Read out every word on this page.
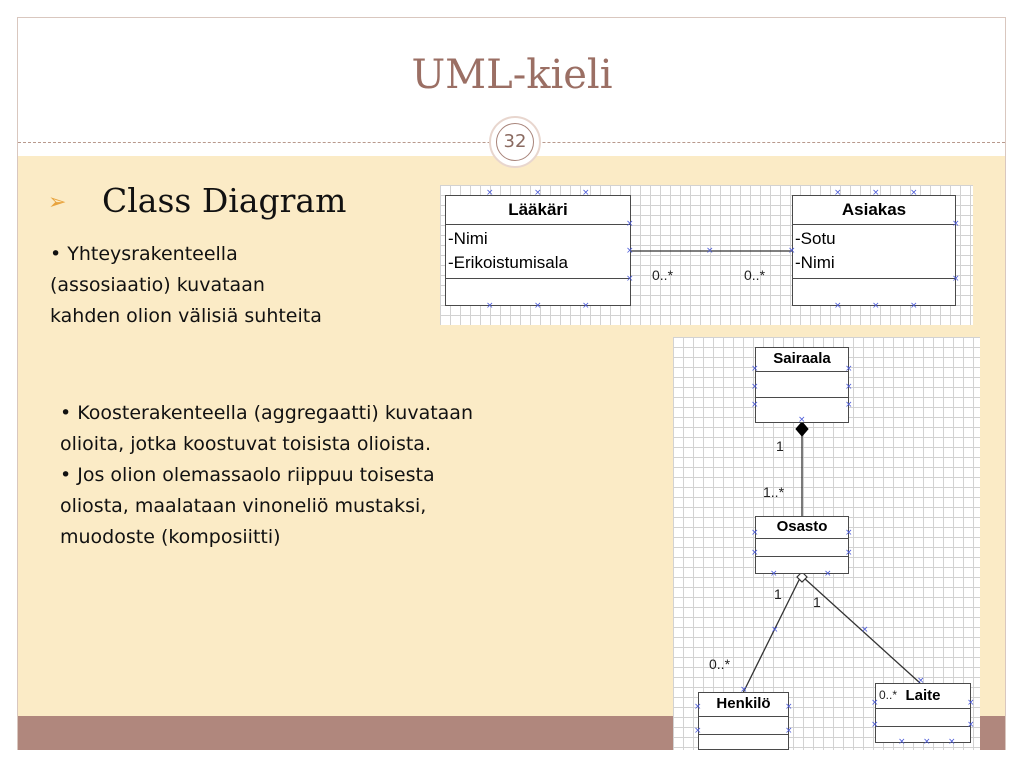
UML-kieli
32
➢ Class Diagram

• Yhteysrakenteella

(assosiaatio) kuvataan

kahden olion välisiä suhteita

• Koosterakenteella (aggregaatti) kuvataan

olioita, jotka koostuvat toisista olioista.

• Jos olion olemassaolo riippuu toisesta

oliosta, maalataan vinoneliö mustaksi,

muodoste (komposiitti)

Lääkäri
-Nimi
-Erikoistumisala
Asiakas
-Sotu
-Nimi
0..*	0..*
×	×	×
×
×
×
×	×
×	×	×
×	×	×
×
×
×	×	×
Sairaala
Osasto
Henkilö	Laite
1
1..*
1
0..*
1
0..*
×
×
×
×
×
×
×
×
×
×
×
×	×
×	×
×
×
×
×
×
×
×
×
×
×
× × ×
